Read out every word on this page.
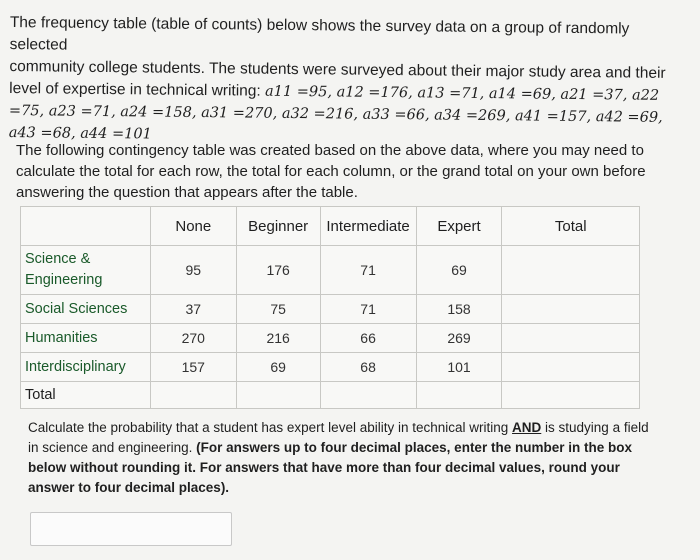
The frequency table (table of counts) below shows the survey data on a group of randomly selected
community college students. The students were surveyed about their major study area and their
level of expertise in technical writing: a11 =95, a12 =176, a13 =71, a14 =69, a21 =37, a22 =75, a23 =71, a24 =158, a31 =270, a32 =216, a33 =66, a34 =269, a41 =157, a42 =69, a43 =68, a44 =101
The following contingency table was created based on the above data, where you may need to calculate the total for each row, the total for each column, or the grand total on your own before answering the question that appears after the table.
	None	Beginner	Intermediate	Expert	Total
Science &
Engineering	95	176	71	69	
Social Sciences	37	75	71	158	
Humanities	270	216	66	269	
Interdisciplinary	157	69	68	101	
Total					
Calculate the probability that a student has expert level ability in technical writing AND is studying a field in science and engineering. (For answers up to four decimal places, enter the number in the box below without rounding it. For answers that have more than four decimal values, round your answer to four decimal places).
